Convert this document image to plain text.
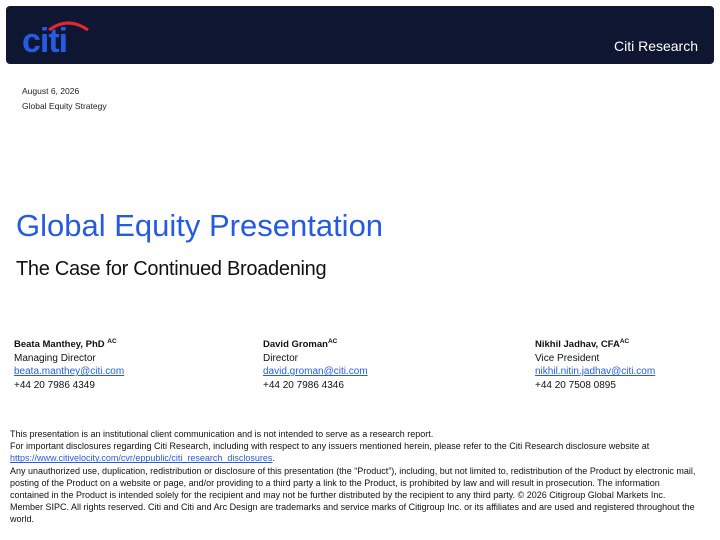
citi	Citi Research
August 6, 2026
Global Equity Strategy
Global Equity Presentation
The Case for Continued Broadening
Beata Manthey, PhD $^{AC}$
Managing Director
beata.manthey@citi.com
+44 20 7986 4349
David Groman$^{AC}$
Director
david.groman@citi.com
+44 20 7986 4346
Nikhil Jadhav, $CFA^{AC}$
Vice President
nikhil.nitin.jadhav@citi.com
+44 20 7508 0895

This presentation is an institutional client communication and is not intended to serve as a research report.

For important disclosures regarding Citi Research, including with respect to any issuers mentioned herein, please refer to the Citi Research disclosure website at https://www.citivelocity.com/cvr/eppublic/citi_research_disclosures.

Any unauthorized use, duplication, redistribution or disclosure of this presentation (the “Product”), including, but not limited to, redistribution of the Product by electronic mail, posting of the Product on a website or page, and/or providing to a third party a link to the Product, is prohibited by law and will result in prosecution. The information contained in the Product is intended solely for the recipient and may not be further distributed by the recipient to any third party. © 2026 Citigroup Global Markets Inc. Member SIPC. All rights reserved. Citi and Citi and Arc Design are trademarks and service marks of Citigroup Inc. or its affiliates and are used and registered throughout the world.
